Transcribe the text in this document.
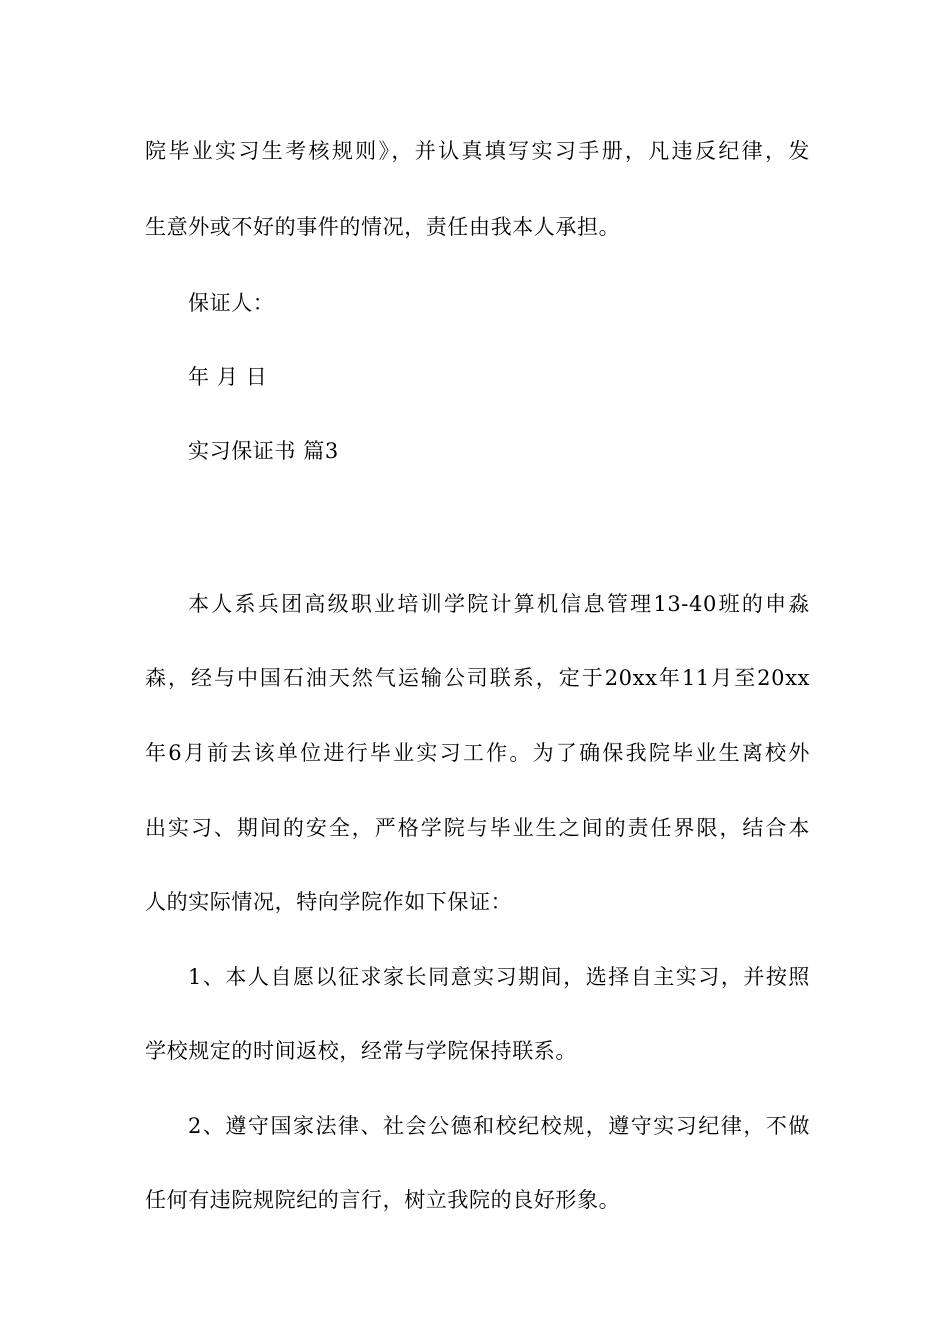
院毕业实习生考核规则》，并认真填写实习手册，凡违反纪律，发
生意外或不好的事件的情况，责任由我本人承担。
保证人：
年 月 日
实习保证书 篇3
本人系兵团高级职业培训学院计算机信息管理13-40班的申淼
森，经与中国石油天然气运输公司联系，定于20xx年11月至20xx
年6月前去该单位进行毕业实习工作。为了确保我院毕业生离校外
出实习、期间的安全，严格学院与毕业生之间的责任界限，结合本
人的实际情况，特向学院作如下保证：
1、本人自愿以征求家长同意实习期间，选择自主实习，并按照
学校规定的时间返校，经常与学院保持联系。
2、遵守国家法律、社会公德和校纪校规，遵守实习纪律，不做
任何有违院规院纪的言行，树立我院的良好形象。
